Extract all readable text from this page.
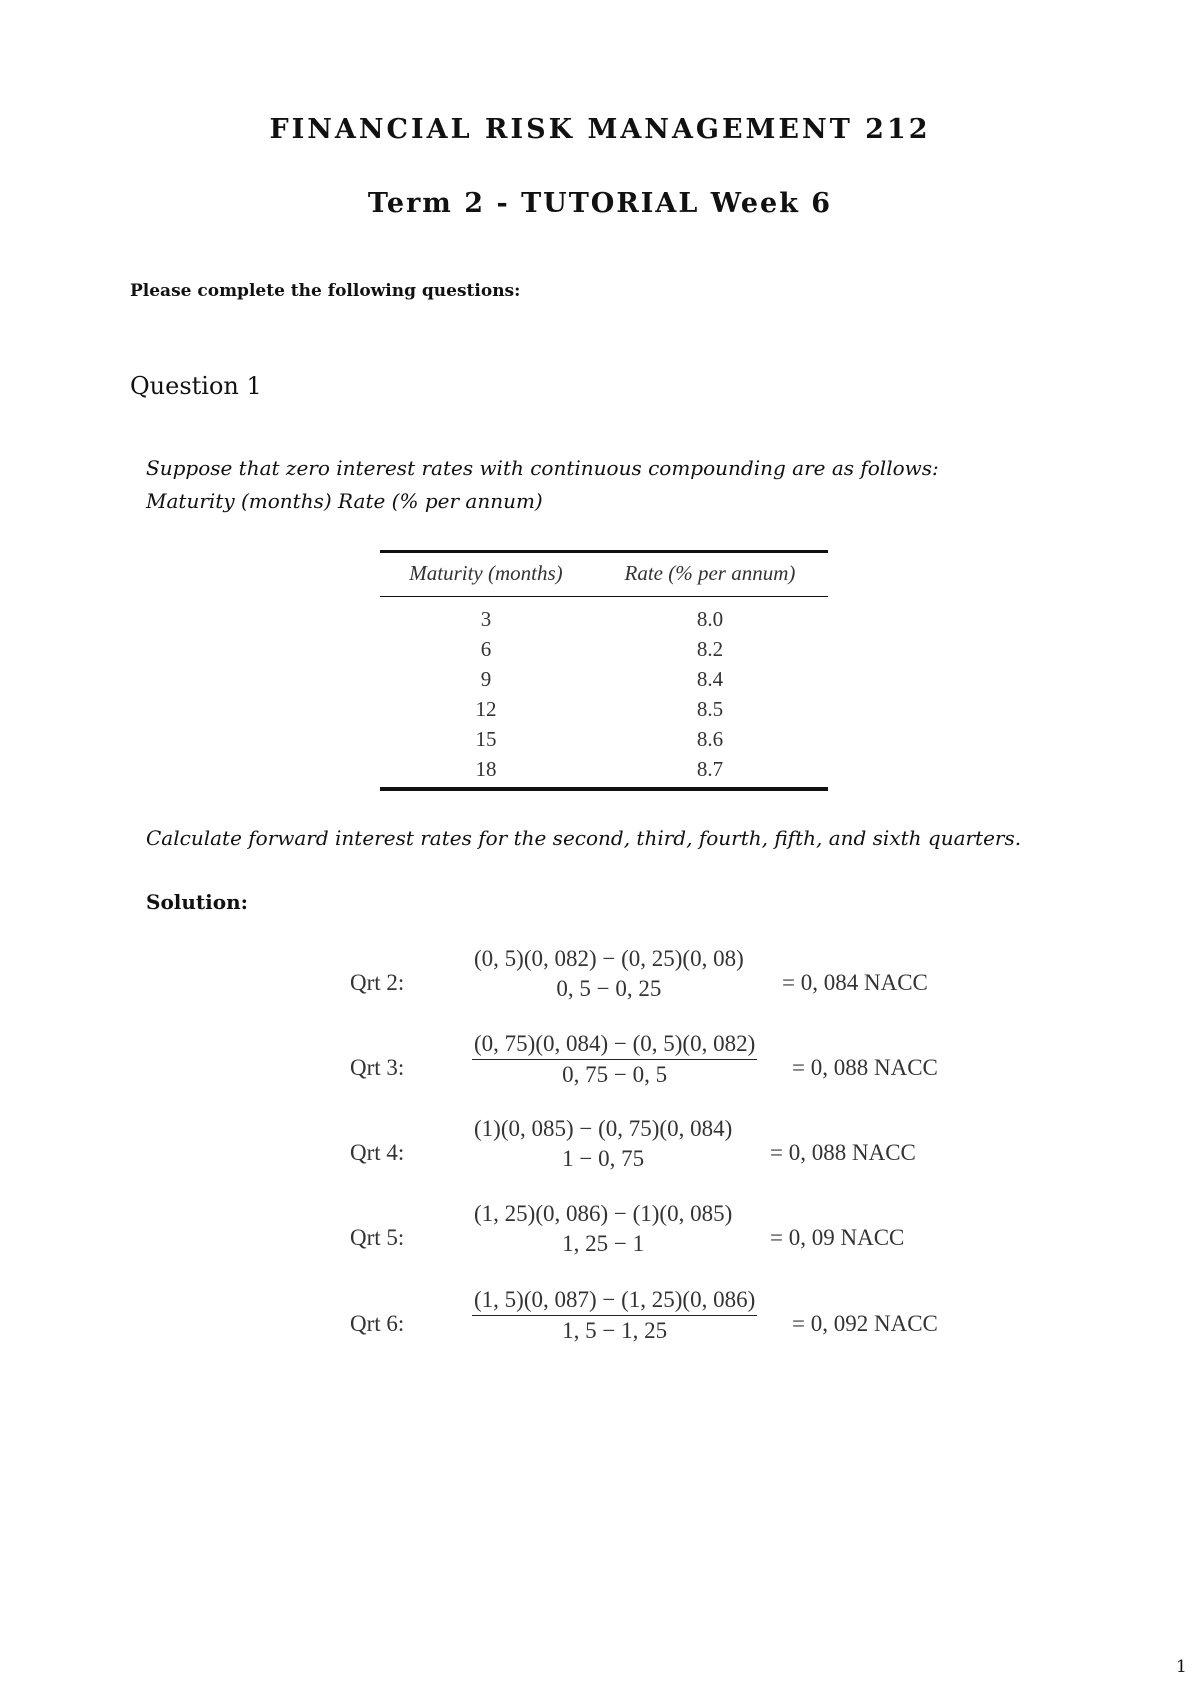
FINANCIAL RISK MANAGEMENT 212
Term 2 - TUTORIAL Week 6

Please complete the following questions:

Question 1

Suppose that zero interest rates with continuous compounding are as follows:

Maturity (months) Rate (% per annum)

Maturity (months)	Rate (% per annum)
3	8.0
6	8.2
9	8.4
12	8.5
15	8.6
18	8.7

Calculate forward interest rates for the second, third, fourth, fifth, and sixth quarters.

Solution:

Qrt 2:
(0, 5)(0, 082) − (0, 25)(0, 08)
0, 5 − 0, 25	= 0, 084 NACC
Qrt 3:	$\frac{(0, 75)(0, 084) - (0, 5)(0, 082)}{0, 75 - 0, 5} = 0$, 088 NACC
Qrt 4:
(1)(0, 085) − (0, 75)(0, 084)
1 − 0, 75	= 0, 088 NACC
Qrt 5:
(1, 25)(0, 086) − (1)(0, 085)
1, 25 − 1	= 0, 09 NACC
Qrt 6:	$\frac{(1, 5)(0, 087) - (1, 25)(0, 086)}{1, 5 - 1, 25} = 0$, 092 NACC

1
